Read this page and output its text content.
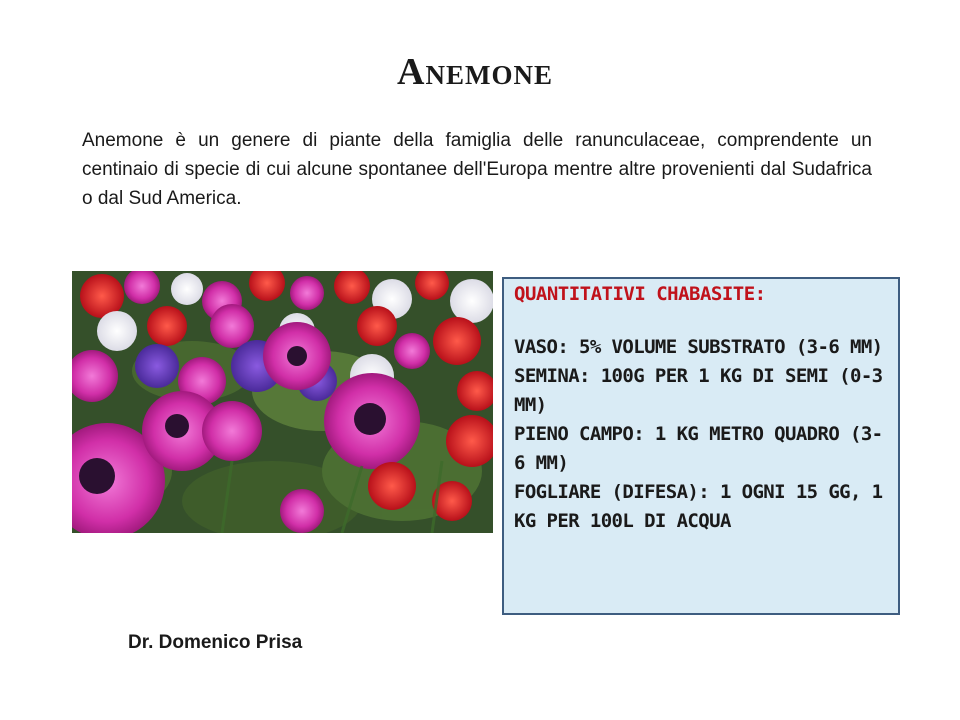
Anemone
Anemone è un genere di piante della famiglia delle ranunculaceae, comprendente un centinaio di specie di cui alcune spontanee dell'Europa mentre altre provenienti dal Sudafrica o dal Sud America.
QUANTITATIVI CHABASITE:
VASO: 5% VOLUME SUBSTRATO (3-6 MM)
SEMINA: 100G PER 1 KG DI SEMI (0-3 MM)
PIENO CAMPO: 1 KG METRO QUADRO (3-6 MM)
FOGLIARE (DIFESA): 1 OGNI 15 GG, 1 KG PER 100L DI ACQUA
Dr. Domenico Prisa
